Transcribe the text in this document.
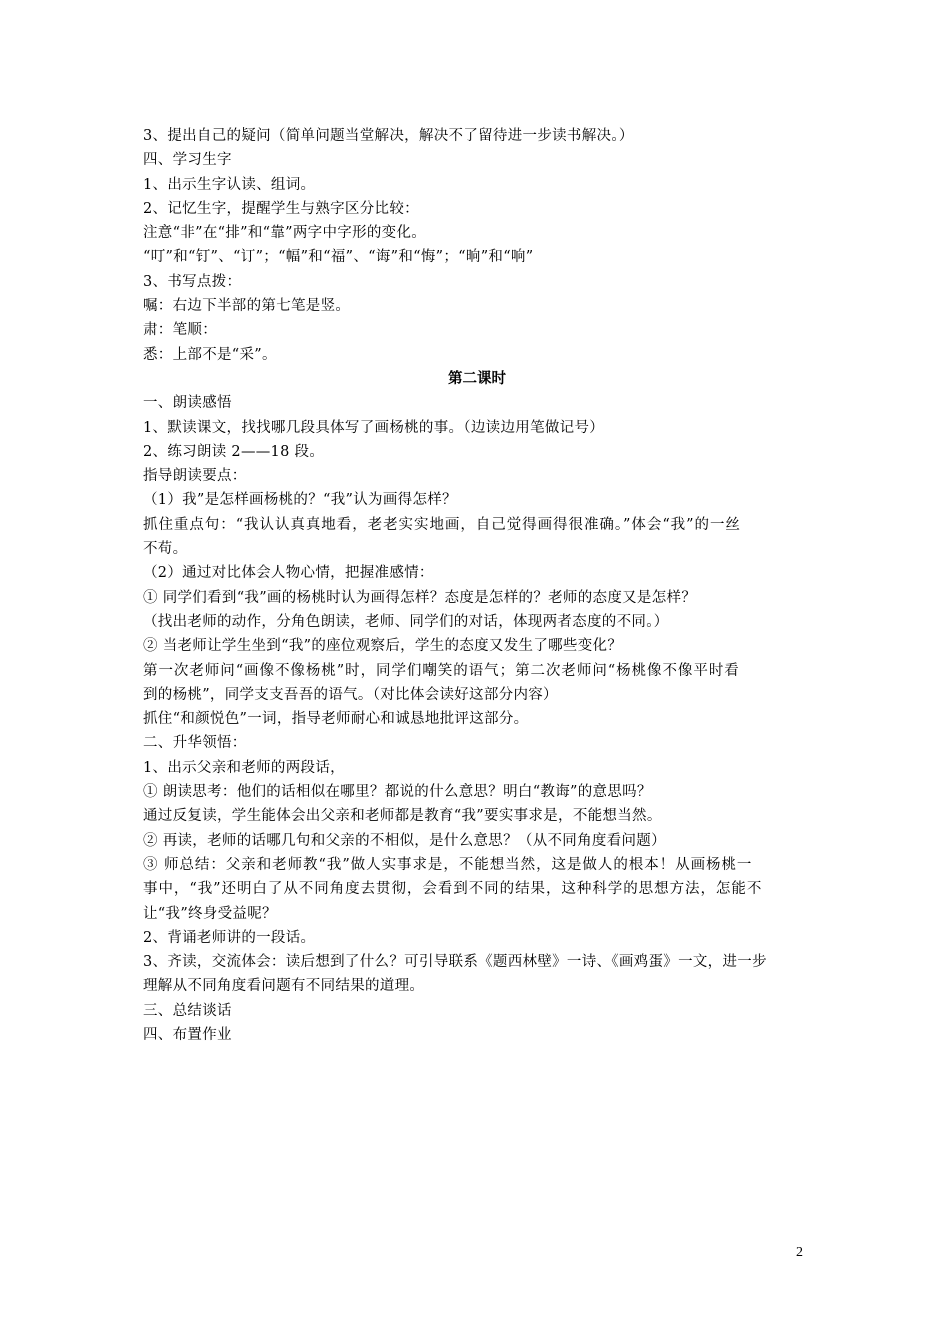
3、提出自己的疑问（简单问题当堂解决，解决不了留待进一步读书解决。）
四、学习生字
1、出示生字认读、组词。
2、记忆生字，提醒学生与熟字区分比较：
注意“非”在“排”和“靠”两字中字形的变化。
“叮”和“钉”、“订”；“幅”和“福”、“诲”和“悔”；“晌”和“响”
3、书写点拨：
嘱：右边下半部的第七笔是竖。
肃：笔顺：
悉：上部不是“采”。
第二课时
一、朗读感悟
1、默读课文，找找哪几段具体写了画杨桃的事。（边读边用笔做记号）
2、练习朗读 2——18 段。
指导朗读要点：
（1）我”是怎样画杨桃的？“我”认为画得怎样？
抓住重点句：“我认认真真地看，老老实实地画，自己觉得画得很准确。”体会“我”的一丝
不苟。
（2）通过对比体会人物心情，把握准感情：
① 同学们看到“我”画的杨桃时认为画得怎样？态度是怎样的？老师的态度又是怎样？
（找出老师的动作，分角色朗读，老师、同学们的对话，体现两者态度的不同。）
② 当老师让学生坐到“我”的座位观察后，学生的态度又发生了哪些变化？
第一次老师问“画像不像杨桃”时，同学们嘲笑的语气；第二次老师问“杨桃像不像平时看
到的杨桃”，同学支支吾吾的语气。（对比体会读好这部分内容）
抓住“和颜悦色”一词，指导老师耐心和诚恳地批评这部分。
二、升华领悟：
1、出示父亲和老师的两段话，
① 朗读思考：他们的话相似在哪里？都说的什么意思？明白“教诲”的意思吗？
通过反复读，学生能体会出父亲和老师都是教育“我”要实事求是，不能想当然。
② 再读，老师的话哪几句和父亲的不相似，是什么意思？（从不同角度看问题）
③ 师总结：父亲和老师教“我”做人实事求是，不能想当然，这是做人的根本！从画杨桃一
事中，“我”还明白了从不同角度去贯彻，会看到不同的结果，这种科学的思想方法，怎能不
让“我”终身受益呢？
2、背诵老师讲的一段话。
3、齐读，交流体会：读后想到了什么？可引导联系《题西林壁》一诗、《画鸡蛋》一文，进一步
理解从不同角度看问题有不同结果的道理。
三、总结谈话
四、布置作业
2
